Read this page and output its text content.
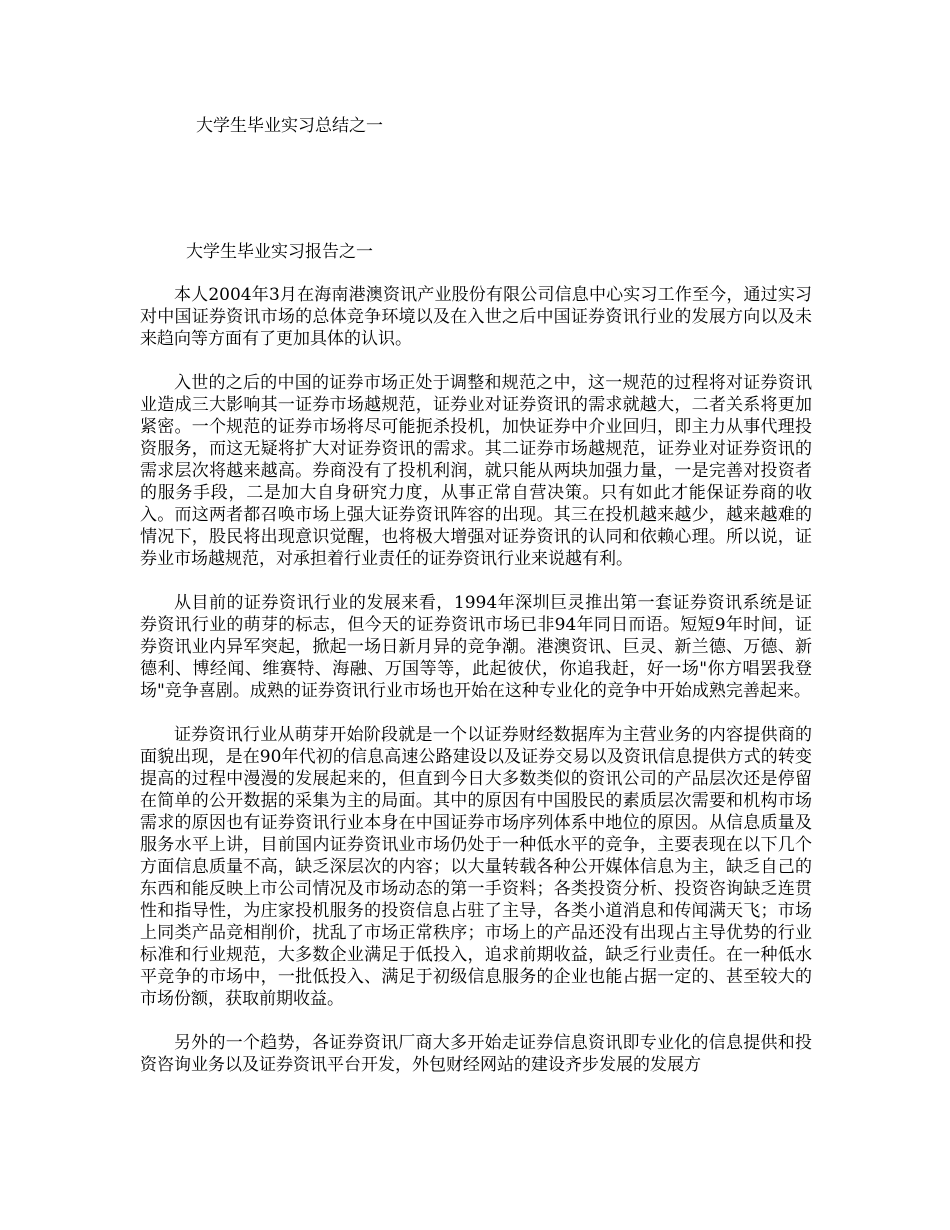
大学生毕业实习总结之一
大学生毕业实习报告之一

本人2004年3月在海南港澳资讯产业股份有限公司信息中心实习工作至今，通过实习对中国证券资讯市场的总体竞争环境以及在入世之后中国证券资讯行业的发展方向以及未来趋向等方面有了更加具体的认识。

入世的之后的中国的证券市场正处于调整和规范之中，这一规范的过程将对证券资讯业造成三大影响其一证券市场越规范，证券业对证券资讯的需求就越大，二者关系将更加紧密。一个规范的证券市场将尽可能扼杀投机，加快证券中介业回归，即主力从事代理投资服务，而这无疑将扩大对证券资讯的需求。其二证券市场越规范，证券业对证券资讯的需求层次将越来越高。券商没有了投机利润，就只能从两块加强力量，一是完善对投资者的服务手段，二是加大自身研究力度，从事正常自营决策。只有如此才能保证券商的收入。而这两者都召唤市场上强大证券资讯阵容的出现。其三在投机越来越少，越来越难的情况下，股民将出现意识觉醒，也将极大增强对证券资讯的认同和依赖心理。所以说，证券业市场越规范，对承担着行业责任的证券资讯行业来说越有利。

从目前的证券资讯行业的发展来看，1994年深圳巨灵推出第一套证券资讯系统是证券资讯行业的萌芽的标志，但今天的证券资讯市场已非94年同日而语。短短9年时间，证券资讯业内异军突起，掀起一场日新月异的竞争潮。港澳资讯、巨灵、新兰德、万德、新德利、博经闻、维赛特、海融、万国等等，此起彼伏，你追我赶，好一场"你方唱罢我登场"竞争喜剧。成熟的证券资讯行业市场也开始在这种专业化的竞争中开始成熟完善起来。

证券资讯行业从萌芽开始阶段就是一个以证券财经数据库为主营业务的内容提供商的面貌出现，是在90年代初的信息高速公路建设以及证券交易以及资讯信息提供方式的转变提高的过程中漫漫的发展起来的，但直到今日大多数类似的资讯公司的产品层次还是停留在简单的公开数据的采集为主的局面。其中的原因有中国股民的素质层次需要和机构市场需求的原因也有证券资讯行业本身在中国证券市场序列体系中地位的原因。从信息质量及服务水平上讲，目前国内证券资讯业市场仍处于一种低水平的竞争，主要表现在以下几个方面信息质量不高，缺乏深层次的内容；以大量转载各种公开媒体信息为主，缺乏自己的东西和能反映上市公司情况及市场动态的第一手资料；各类投资分析、投资咨询缺乏连贯性和指导性，为庄家投机服务的投资信息占驻了主导，各类小道消息和传闻满天飞；市场上同类产品竞相削价，扰乱了市场正常秩序；市场上的产品还没有出现占主导优势的行业标准和行业规范，大多数企业满足于低投入，追求前期收益，缺乏行业责任。在一种低水平竞争的市场中，一批低投入、满足于初级信息服务的企业也能占据一定的、甚至较大的市场份额，获取前期收益。

另外的一个趋势，各证券资讯厂商大多开始走证券信息资讯即专业化的信息提供和投资咨询业务以及证券资讯平台开发，外包财经网站的建设齐步发展的发展方
